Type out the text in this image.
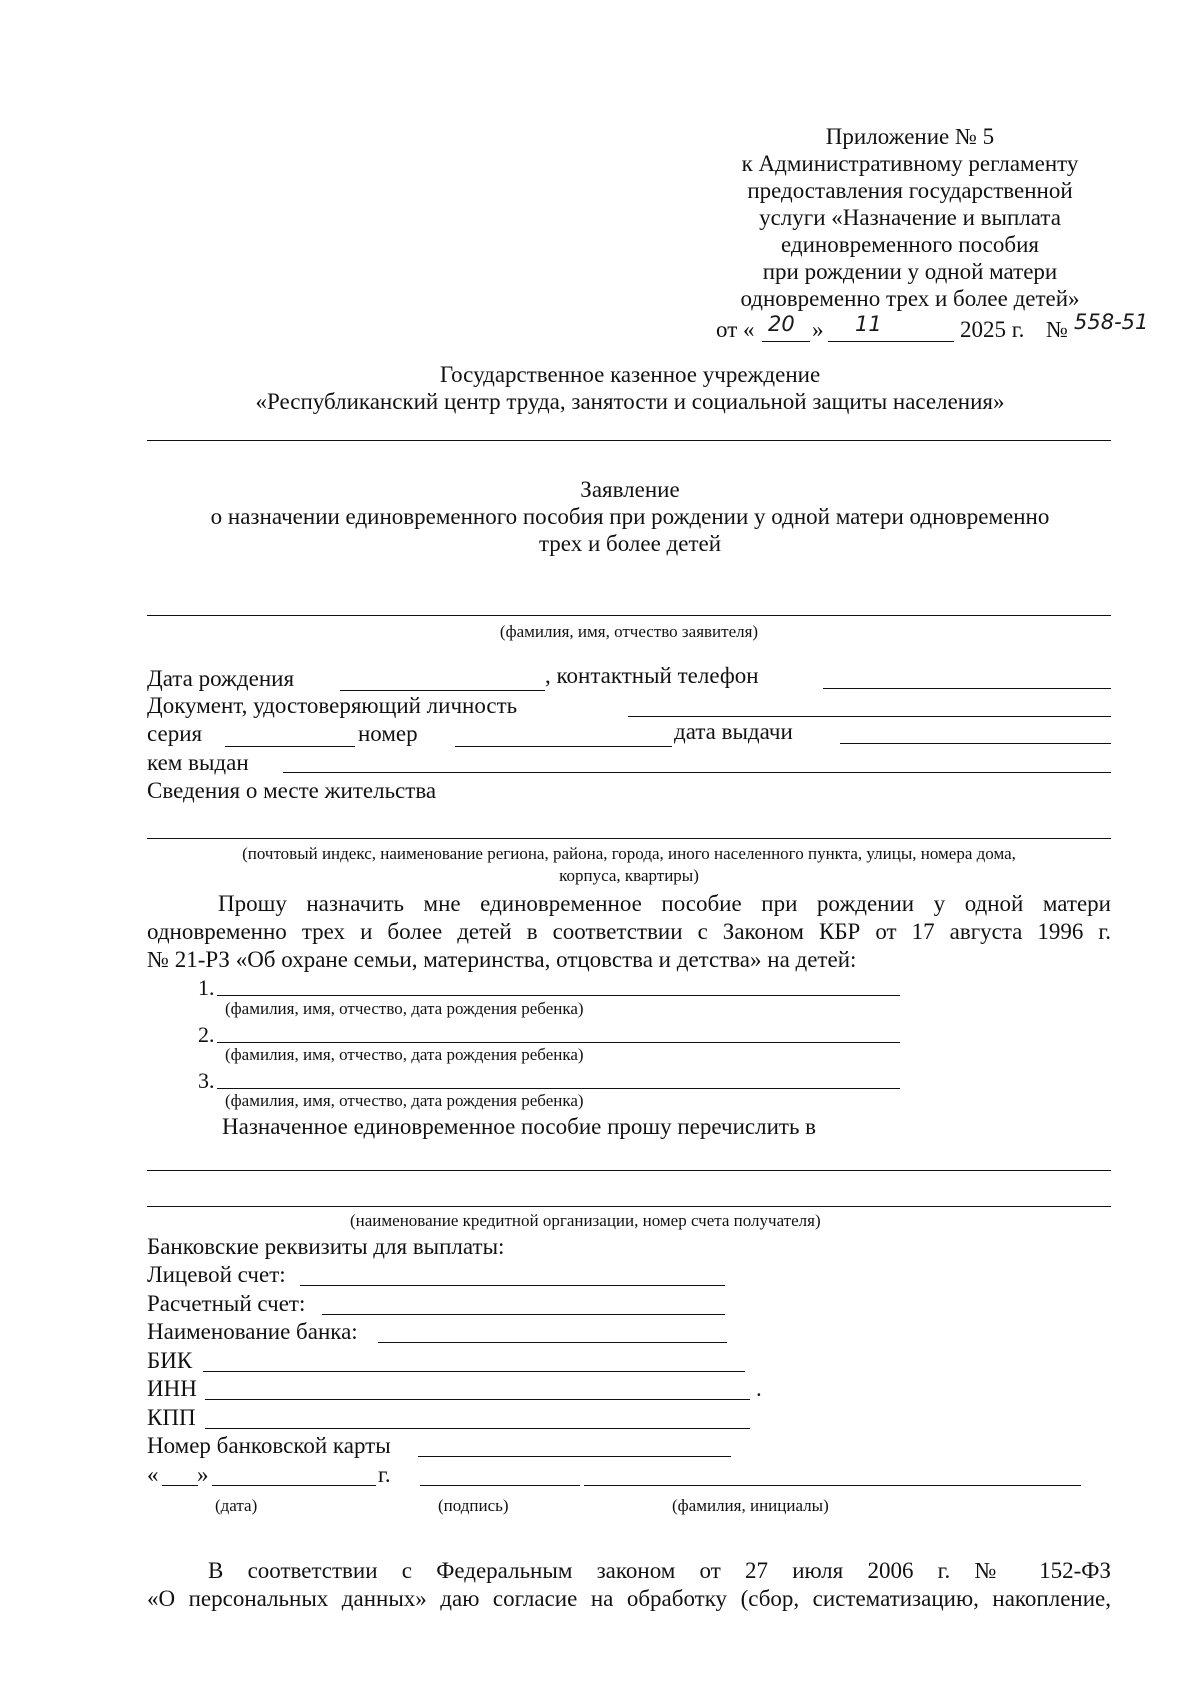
Приложение № 5
к Административному регламенту
предоставления государственной
услуги «Назначение и выплата
единовременного пособия
при рождении у одной матери
одновременно трех и более детей»
от « 20 » 11	2025 г. № 558-51
Государственное казенное учреждение
«Республиканский центр труда, занятости и социальной защиты населения»
Заявление
о назначении единовременного пособия при рождении у одной матери одновременно
трех и более детей
(фамилия, имя, отчество заявителя)
Дата рождения	, контактный телефон
Документ, удостоверяющий личность
серия	номер	дата выдачи
кем выдан
Сведения о месте жительства
(почтовый индекс, наименование региона, района, города, иного населенного пункта, улицы, номера дома,
корпуса, квартиры)
Прошу назначить мне единовременное пособие при рождении у одной матери
одновременно трех и более детей в соответствии с Законом КБР от 17 августа 1996 г.
№ 21-РЗ «Об охране семьи, материнства, отцовства и детства» на детей:
1.
(фамилия, имя, отчество, дата рождения ребенка)
2.
(фамилия, имя, отчество, дата рождения ребенка)
3.
(фамилия, имя, отчество, дата рождения ребенка)
Назначенное единовременное пособие прошу перечислить в
(наименование кредитной организации, номер счета получателя)
Банковские реквизиты для выплаты:
Лицевой счет:
Расчетный счет:
Наименование банка:
БИК
ИНН	.
КПП
Номер банковской карты
« »	г.
(дата)	(подпись)	(фамилия, инициалы)
В соответствии с Федеральным законом от 27 июля 2006 г. № 152-ФЗ
«О персональных данных» даю согласие на обработку (сбор, систематизацию, накопление,
